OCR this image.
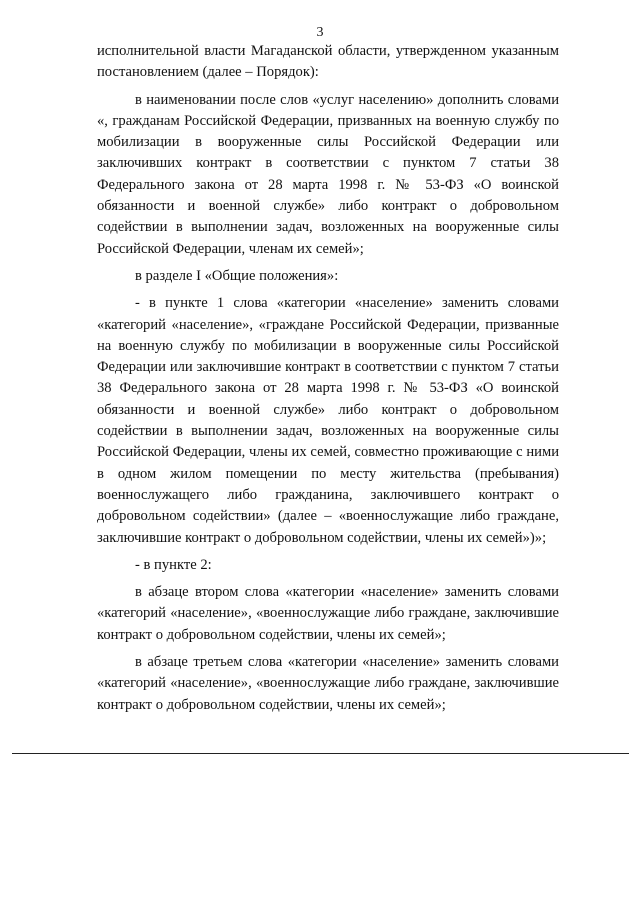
3

исполнительной власти Магаданской области, утвержденном указанным постановлением (далее – Порядок):

в наименовании после слов «услуг населению» дополнить словами «, гражданам Российской Федерации, призванных на военную службу по мобилизации в вооруженные силы Российской Федерации или заключивших контракт в соответствии с пунктом 7 статьи 38 Федерального закона от 28 марта 1998 г. № 53-ФЗ «О воинской обязанности и военной службе» либо контракт о добровольном содействии в выполнении задач, возложенных на вооруженные силы Российской Федерации, членам их семей»;

в разделе I «Общие положения»:

- в пункте 1 слова «категории «население» заменить словами «категорий «население», «граждане Российской Федерации, призванные на военную службу по мобилизации в вооруженные силы Российской Федерации или заключившие контракт в соответствии с пунктом 7 статьи 38 Федерального закона от 28 марта 1998 г. № 53-ФЗ «О воинской обязанности и военной службе» либо контракт о добровольном содействии в выполнении задач, возложенных на вооруженные силы Российской Федерации, члены их семей, совместно проживающие с ними в одном жилом помещении по месту жительства (пребывания) военнослужащего либо гражданина, заключившего контракт о добровольном содействии» (далее – «военнослужащие либо граждане, заключившие контракт о добровольном содействии, члены их семей»)»;

- в пункте 2:

в абзаце втором слова «категории «население» заменить словами «категорий «население», «военнослужащие либо граждане, заключившие контракт о добровольном содействии, члены их семей»;

в абзаце третьем слова «категории «население» заменить словами «категорий «население», «военнослужащие либо граждане, заключившие контракт о добровольном содействии, члены их семей»;
